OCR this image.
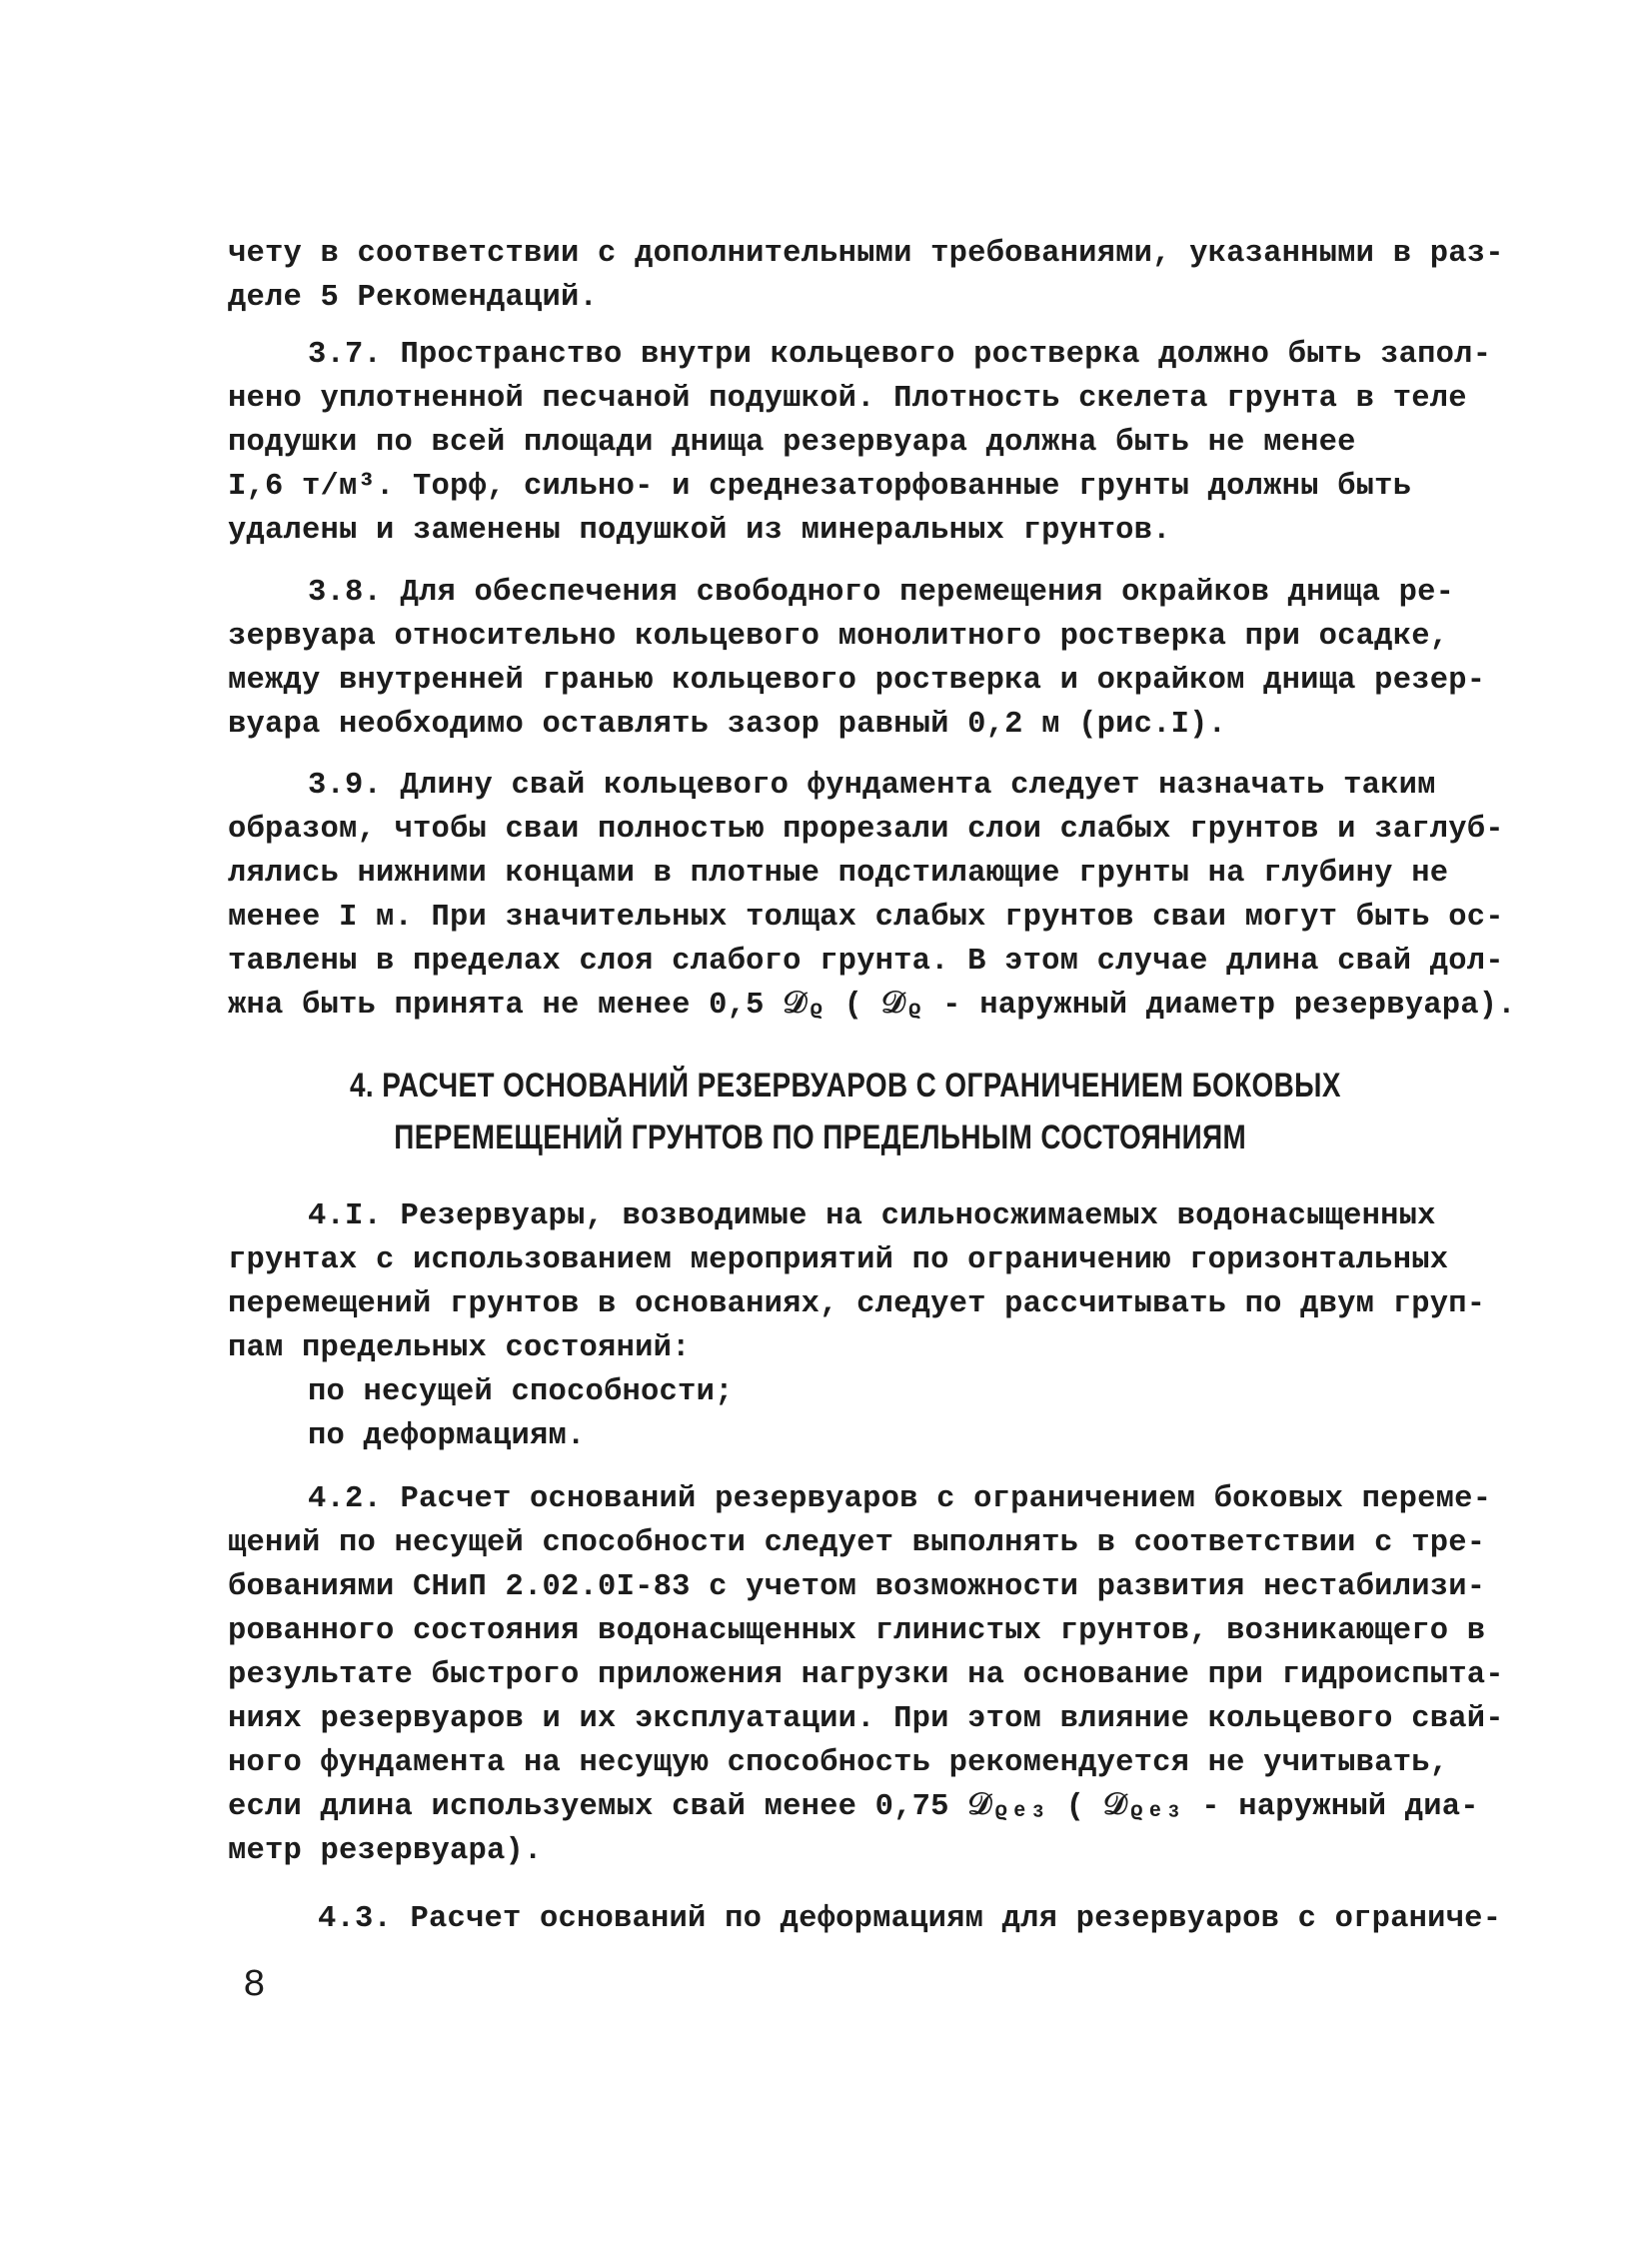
чету в соответствии с дополнительными требованиями, указанными в раз-
деле 5 Рекомендаций.
3.7. Пространство внутри кольцевого ростверка должно быть запол-
нено уплотненной песчаной подушкой. Плотность скелета грунта в теле
подушки по всей площади днища резервуара должна быть не менее
I,6 т/м³. Торф, сильно- и среднезаторфованные грунты должны быть
удалены и заменены подушкой из минеральных грунтов.
3.8. Для обеспечения свободного перемещения окрайков днища ре-
зервуара относительно кольцевого монолитного ростверка при осадке,
между внутренней гранью кольцевого ростверка и окрайком днища резер-
вуара необходимо оставлять зазор равный 0,2 м (рис.I).
3.9. Длину свай кольцевого фундамента следует назначать таким
образом, чтобы сваи полностью прорезали слои слабых грунтов и заглуб-
лялись нижними концами в плотные подстилающие грунты на глубину не
менее I м. При значительных толщах слабых грунтов сваи могут быть ос-
тавлены в пределах слоя слабого грунта. В этом случае длина свай дол-
жна быть принята не менее 0,5 𝒟ᵨ ( 𝒟ᵨ - наружный диаметр резервуара).
4. РАСЧЕТ ОСНОВАНИЙ РЕЗЕРВУАРОВ С ОГРАНИЧЕНИЕМ БОКОВЫХ
ПЕРЕМЕЩЕНИЙ ГРУНТОВ ПО ПРЕДЕЛЬНЫМ СОСТОЯНИЯМ
4.I. Резервуары, возводимые на сильносжимаемых водонасыщенных
грунтах с использованием мероприятий по ограничению горизонтальных
перемещений грунтов в основаниях, следует рассчитывать по двум груп-
пам предельных состояний:
по несущей способности;
по деформациям.
4.2. Расчет оснований резервуаров с ограничением боковых переме-
щений по несущей способности следует выполнять в соответствии с тре-
бованиями СНиП 2.02.0I-83 с учетом возможности развития нестабилизи-
рованного состояния водонасыщенных глинистых грунтов, возникающего в
результате быстрого приложения нагрузки на основание при гидроиспыта-
ниях резервуаров и их эксплуатации. При этом влияние кольцевого свай-
ного фундамента на несущую способность рекомендуется не учитывать,
если длина используемых свай менее 0,75 𝒟ᵨₑ₃ ( 𝒟ᵨₑ₃ - наружный диа-
метр резервуара).
4.3. Расчет оснований по деформациям для резервуаров с ограниче-
8
